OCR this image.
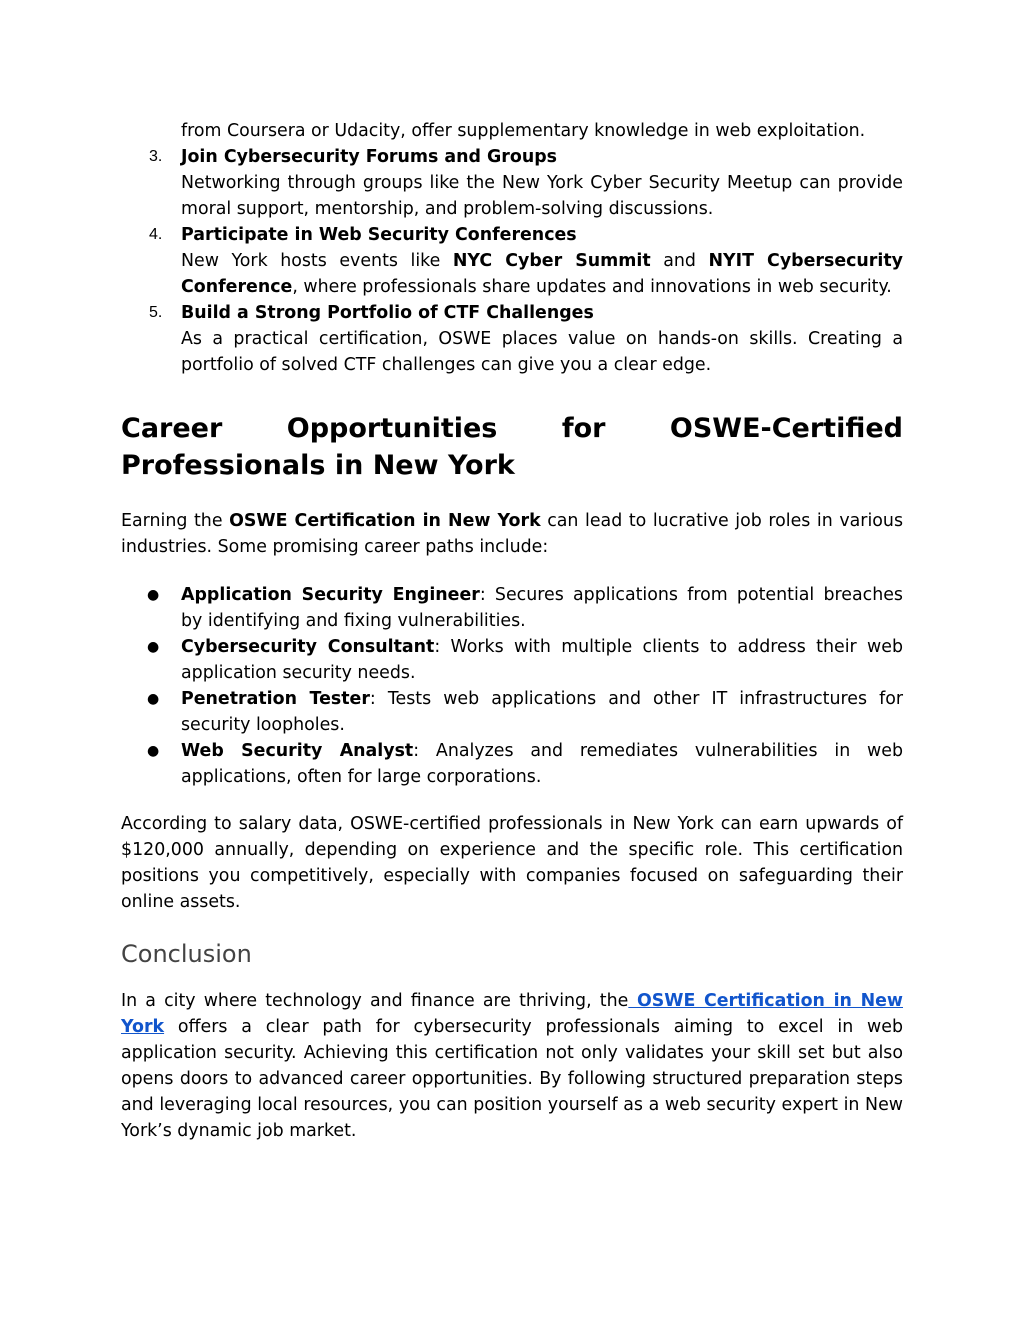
from Coursera or Udacity, offer supplementary knowledge in web exploitation.

3. Join Cybersecurity Forums and Groups
Networking through groups like the New York Cyber Security Meetup can provide moral support, mentorship, and problem-solving discussions.
4. Participate in Web Security Conferences
New York hosts events like NYC Cyber Summit and NYIT Cybersecurity Conference, where professionals share updates and innovations in web security.
5. Build a Strong Portfolio of CTF Challenges
As a practical certification, OSWE places value on hands-on skills. Creating a portfolio of solved CTF challenges can give you a clear edge.
Career Opportunities for OSWE-Certified Professionals in New York

Earning the OSWE Certification in New York can lead to lucrative job roles in various industries. Some promising career paths include:

● Application Security Engineer: Secures applications from potential breaches by identifying and fixing vulnerabilities.
● Cybersecurity Consultant: Works with multiple clients to address their web application security needs.
● Penetration Tester: Tests web applications and other IT infrastructures for security loopholes.
● Web Security Analyst: Analyzes and remediates vulnerabilities in web applications, often for large corporations.

According to salary data, OSWE-certified professionals in New York can earn upwards of $120,000 annually, depending on experience and the specific role. This certification positions you competitively, especially with companies focused on safeguarding their online assets.

Conclusion

In a city where technology and finance are thriving, the OSWE Certification in New York offers a clear path for cybersecurity professionals aiming to excel in web application security. Achieving this certification not only validates your skill set but also opens doors to advanced career opportunities. By following structured preparation steps and leveraging local resources, you can position yourself as a web security expert in New York’s dynamic job market.
